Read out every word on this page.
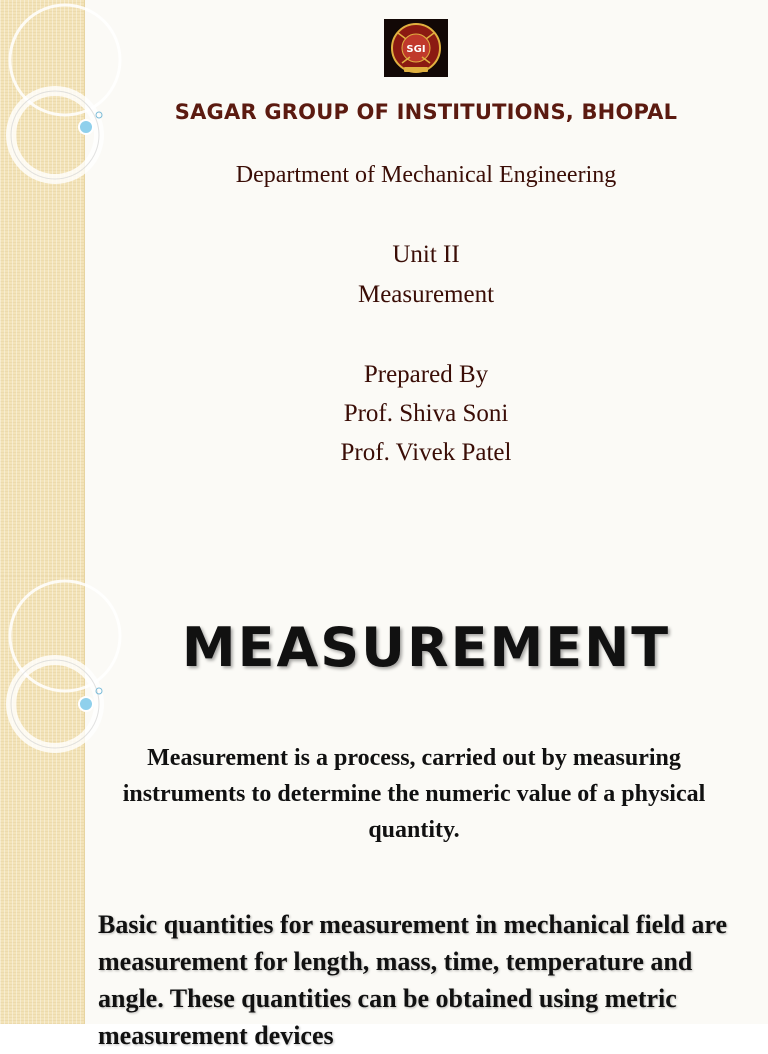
SGI
SAGAR GROUP OF INSTITUTIONS, BHOPAL
Department of Mechanical Engineering
Unit II
Measurement
Prepared By
Prof. Shiva Soni
Prof. Vivek Patel
MEASUREMENT
Measurement is a process, carried out by measuring instruments to determine the numeric value of a physical quantity.
Basic quantities for measurement in mechanical field are measurement for length, mass, time, temperature and angle. These quantities can be obtained using metric measurement devices
